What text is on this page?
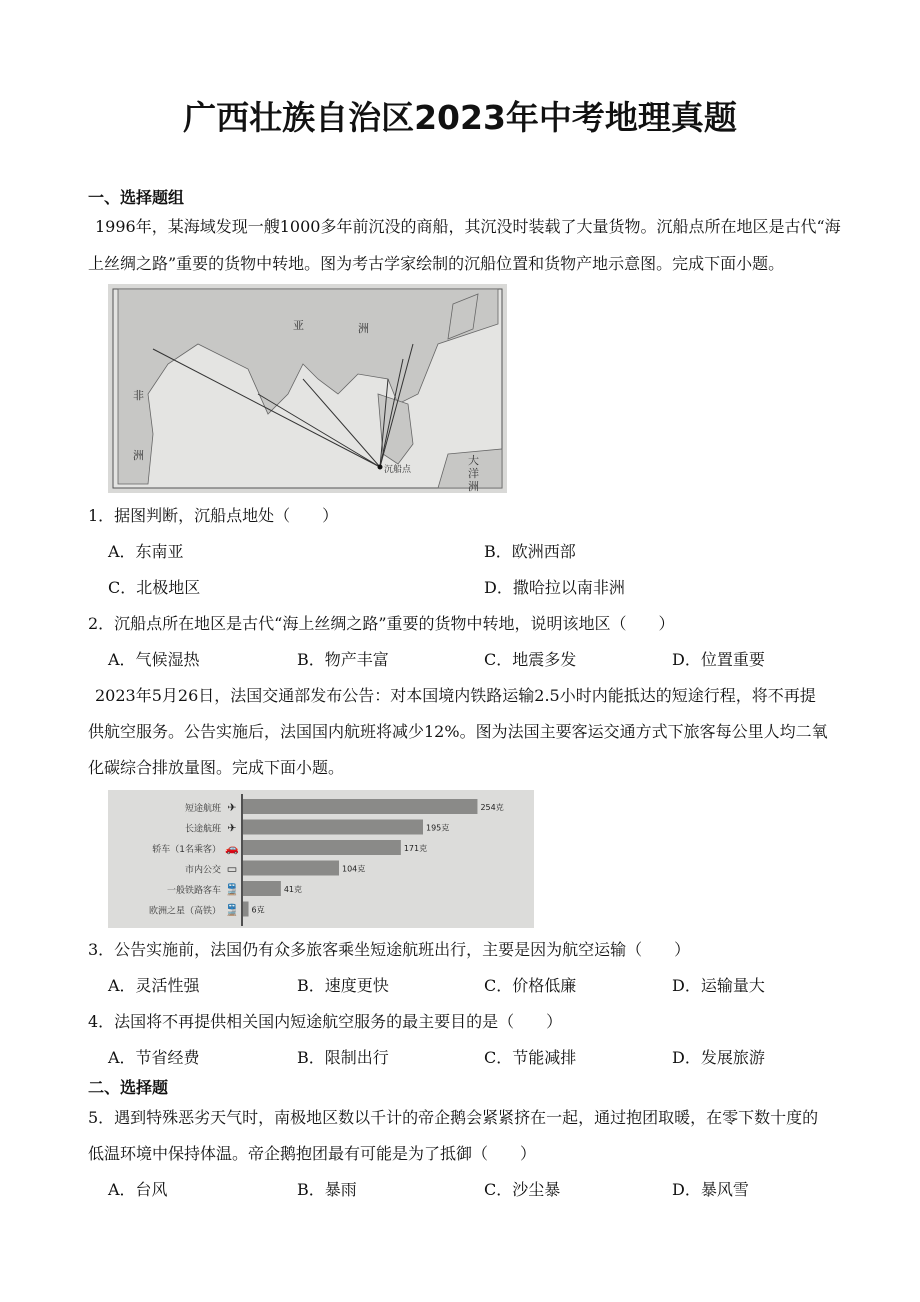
广西壮族自治区2023年中考地理真题
一、选择题组
1996年，某海域发现一艘1000多年前沉没的商船，其沉没时装载了大量货物。沉船点所在地区是古代“海
上丝绸之路”重要的货物中转地。图为考古学家绘制的沉船位置和货物产地示意图。完成下面小题。
亚	洲
非
洲	大
洋
洲
沉船点
1．据图判断，沉船点地处（　　）
A．东南亚	B．欧洲西部
C．北极地区	D．撒哈拉以南非洲
2．沉船点所在地区是古代“海上丝绸之路”重要的货物中转地，说明该地区（　　）
A．气候湿热	B．物产丰富	C．地震多发	D．位置重要
2023年5月26日，法国交通部发布公告：对本国境内铁路运输2.5小时内能抵达的短途行程，将不再提
供航空服务。公告实施后，法国国内航班将减少12%。图为法国主要客运交通方式下旅客每公里人均二氧
化碳综合排放量图。完成下面小题。
254克
短途航班 ✈
195克
长途航班 ✈
171克
轿车（1名乘客） 🚗
104克
市内公交 ▭
41克
一般铁路客车 🚆
6克
欧洲之星（高铁） 🚆
3．公告实施前，法国仍有众多旅客乘坐短途航班出行，主要是因为航空运输（　　）
A．灵活性强	B．速度更快	C．价格低廉	D．运输量大
4．法国将不再提供相关国内短途航空服务的最主要目的是（　　）
A．节省经费	B．限制出行	C．节能减排	D．发展旅游
二、选择题
5．遇到特殊恶劣天气时，南极地区数以千计的帝企鹅会紧紧挤在一起，通过抱团取暖，在零下数十度的
低温环境中保持体温。帝企鹅抱团最有可能是为了抵御（　　）
A．台风	B．暴雨	C．沙尘暴	D．暴风雪
